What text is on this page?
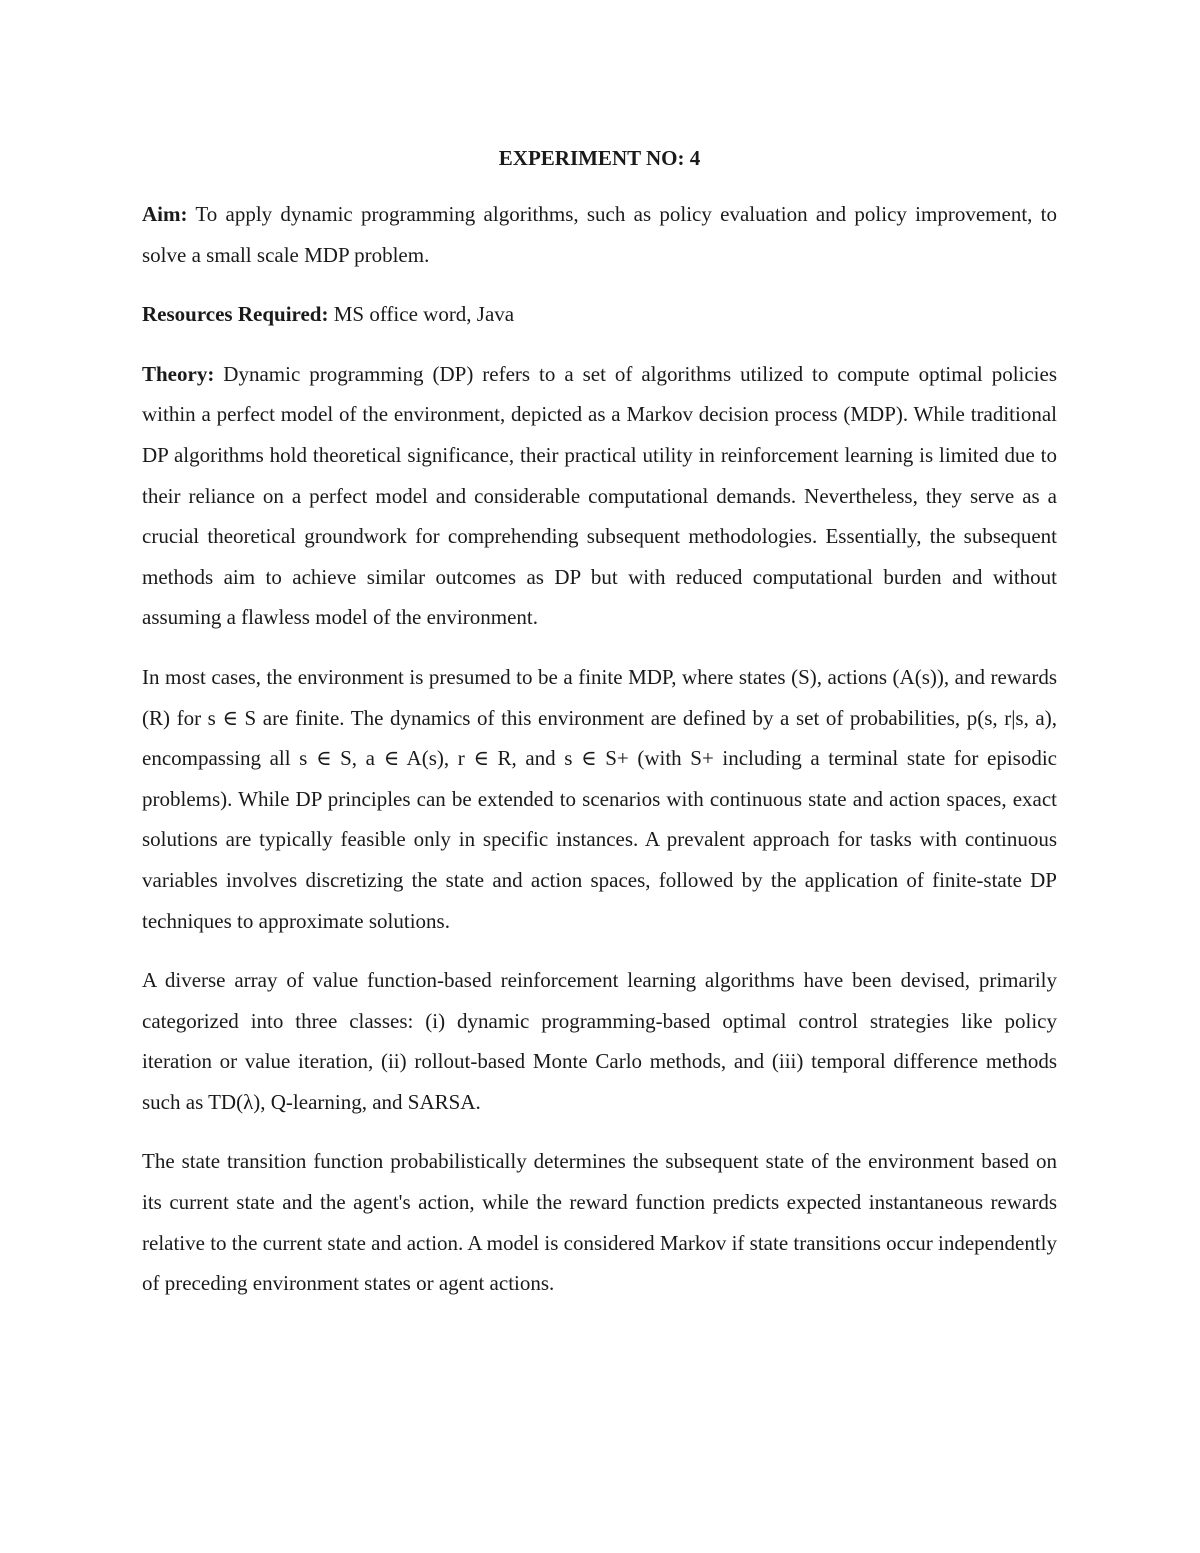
EXPERIMENT NO: 4

Aim: To apply dynamic programming algorithms, such as policy evaluation and policy improvement, to solve a small scale MDP problem.

Resources Required: MS office word, Java

Theory: Dynamic programming (DP) refers to a set of algorithms utilized to compute optimal policies within a perfect model of the environment, depicted as a Markov decision process (MDP). While traditional DP algorithms hold theoretical significance, their practical utility in reinforcement learning is limited due to their reliance on a perfect model and considerable computational demands. Nevertheless, they serve as a crucial theoretical groundwork for comprehending subsequent methodologies. Essentially, the subsequent methods aim to achieve similar outcomes as DP but with reduced computational burden and without assuming a flawless model of the environment.

In most cases, the environment is presumed to be a finite MDP, where states (S), actions (A(s)), and rewards (R) for s ∈ S are finite. The dynamics of this environment are defined by a set of probabilities, p(s, r|s, a), encompassing all s ∈ S, a ∈ A(s), r ∈ R, and s ∈ S+ (with S+ including a terminal state for episodic problems). While DP principles can be extended to scenarios with continuous state and action spaces, exact solutions are typically feasible only in specific instances. A prevalent approach for tasks with continuous variables involves discretizing the state and action spaces, followed by the application of finite-state DP techniques to approximate solutions.

A diverse array of value function-based reinforcement learning algorithms have been devised, primarily categorized into three classes: (i) dynamic programming-based optimal control strategies like policy iteration or value iteration, (ii) rollout-based Monte Carlo methods, and (iii) temporal difference methods such as TD(λ), Q-learning, and SARSA.

The state transition function probabilistically determines the subsequent state of the environment based on its current state and the agent's action, while the reward function predicts expected instantaneous rewards relative to the current state and action. A model is considered Markov if state transitions occur independently of preceding environment states or agent actions.
